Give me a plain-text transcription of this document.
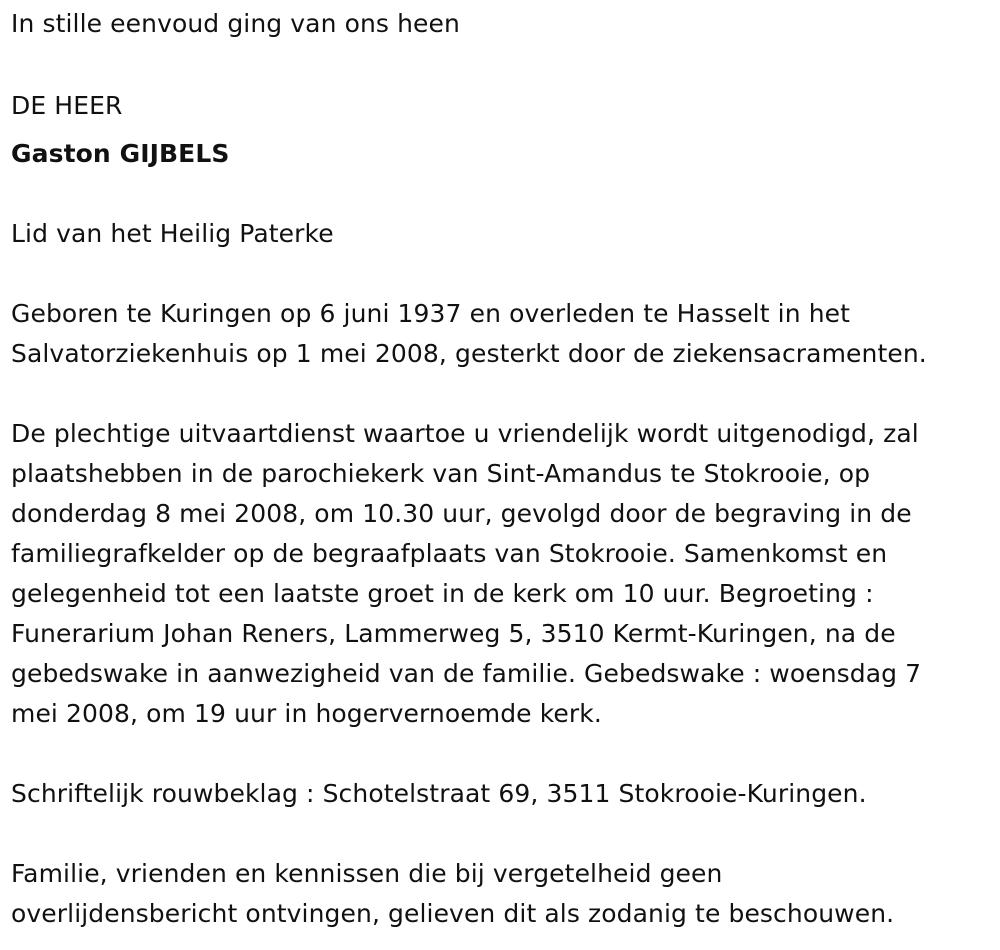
In stille eenvoud ging van ons heen
DE HEER
Gaston GIJBELS
Lid van het Heilig Paterke
Geboren te Kuringen op 6 juni 1937 en overleden te Hasselt in het
Salvatorziekenhuis op 1 mei 2008, gesterkt door de ziekensacramenten.
De plechtige uitvaartdienst waartoe u vriendelijk wordt uitgenodigd, zal
plaatshebben in de parochiekerk van Sint-Amandus te Stokrooie, op
donderdag 8 mei 2008, om 10.30 uur, gevolgd door de begraving in de
familiegrafkelder op de begraafplaats van Stokrooie. Samenkomst en
gelegenheid tot een laatste groet in de kerk om 10 uur. Begroeting :
Funerarium Johan Reners, Lammerweg 5, 3510 Kermt-Kuringen, na de
gebedswake in aanwezigheid van de familie. Gebedswake : woensdag 7
mei 2008, om 19 uur in hogervernoemde kerk.
Schriftelijk rouwbeklag : Schotelstraat 69, 3511 Stokrooie-Kuringen.
Familie, vrienden en kennissen die bij vergetelheid geen
overlijdensbericht ontvingen, gelieven dit als zodanig te beschouwen.
